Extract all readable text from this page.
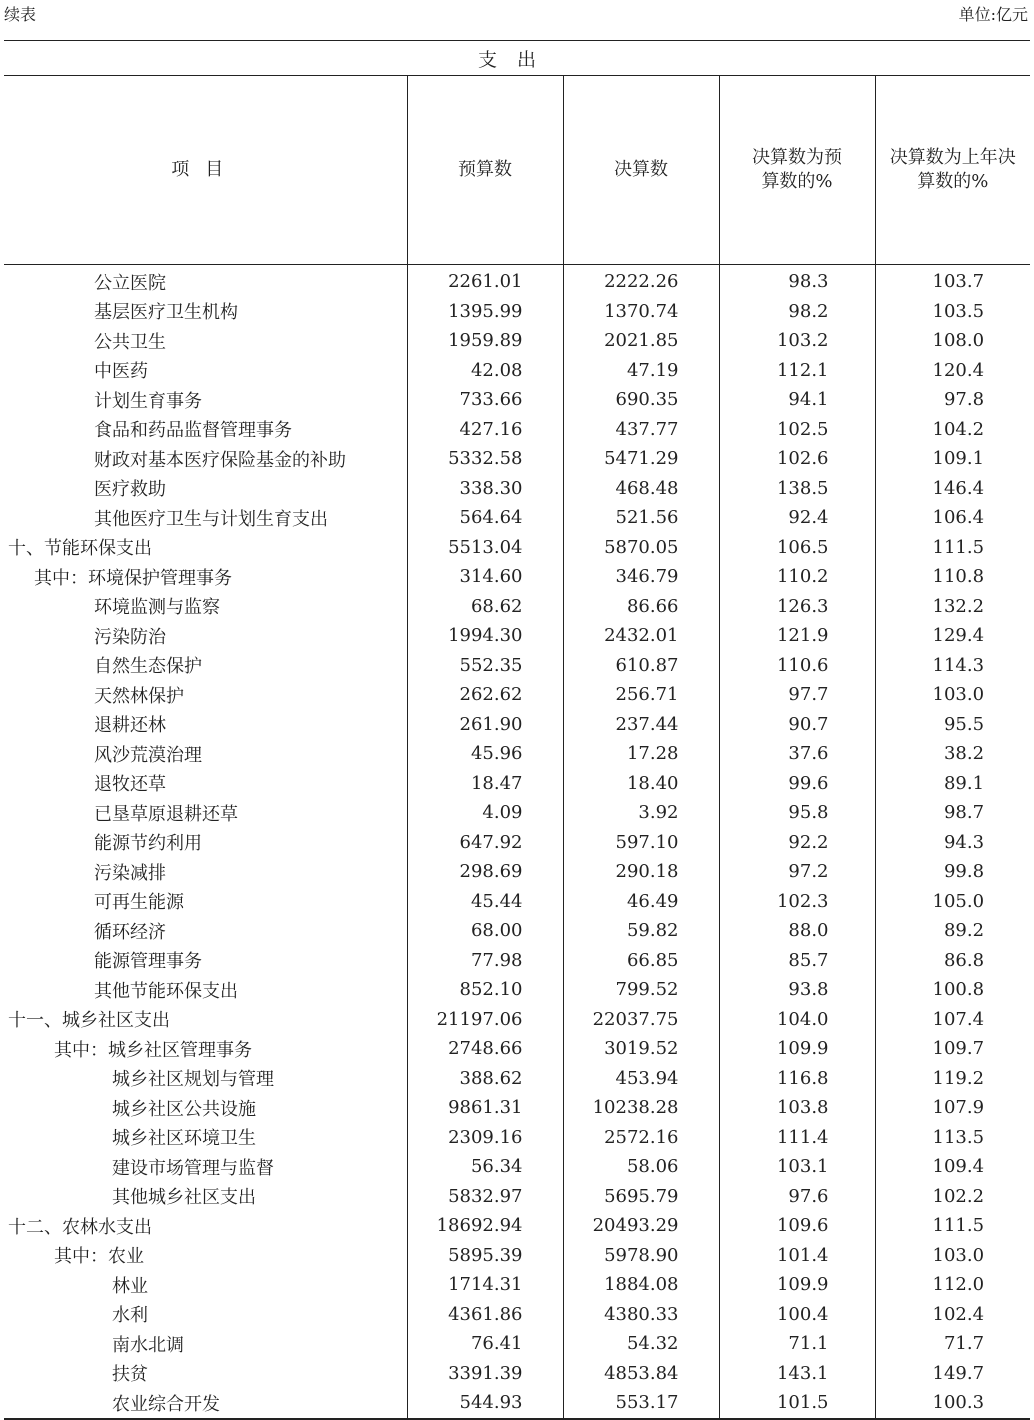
续表	单位:亿元
支出				
项目	预算数	决算数	决算数为预算数的%	决算数为上年决算数的%
公立医院	2261.01	2222.26	98.3	103.7
基层医疗卫生机构	1395.99	1370.74	98.2	103.5
公共卫生	1959.89	2021.85	103.2	108.0
中医药	42.08	47.19	112.1	120.4
计划生育事务	733.66	690.35	94.1	97.8
食品和药品监督管理事务	427.16	437.77	102.5	104.2
财政对基本医疗保险基金的补助	5332.58	5471.29	102.6	109.1
医疗救助	338.30	468.48	138.5	146.4
其他医疗卫生与计划生育支出	564.64	521.56	92.4	106.4
十、节能环保支出	5513.04	5870.05	106.5	111.5
其中：环境保护管理事务	314.60	346.79	110.2	110.8
环境监测与监察	68.62	86.66	126.3	132.2
污染防治	1994.30	2432.01	121.9	129.4
自然生态保护	552.35	610.87	110.6	114.3
天然林保护	262.62	256.71	97.7	103.0
退耕还林	261.90	237.44	90.7	95.5
风沙荒漠治理	45.96	17.28	37.6	38.2
退牧还草	18.47	18.40	99.6	89.1
已垦草原退耕还草	4.09	3.92	95.8	98.7
能源节约利用	647.92	597.10	92.2	94.3
污染减排	298.69	290.18	97.2	99.8
可再生能源	45.44	46.49	102.3	105.0
循环经济	68.00	59.82	88.0	89.2
能源管理事务	77.98	66.85	85.7	86.8
其他节能环保支出	852.10	799.52	93.8	100.8
十一、城乡社区支出	21197.06	22037.75	104.0	107.4
其中：城乡社区管理事务	2748.66	3019.52	109.9	109.7
城乡社区规划与管理	388.62	453.94	116.8	119.2
城乡社区公共设施	9861.31	10238.28	103.8	107.9
城乡社区环境卫生	2309.16	2572.16	111.4	113.5
建设市场管理与监督	56.34	58.06	103.1	109.4
其他城乡社区支出	5832.97	5695.79	97.6	102.2
十二、农林水支出	18692.94	20493.29	109.6	111.5
其中：农业	5895.39	5978.90	101.4	103.0
林业	1714.31	1884.08	109.9	112.0
水利	4361.86	4380.33	100.4	102.4
南水北调	76.41	54.32	71.1	71.7
扶贫	3391.39	4853.84	143.1	149.7
农业综合开发	544.93	553.17	101.5	100.3
